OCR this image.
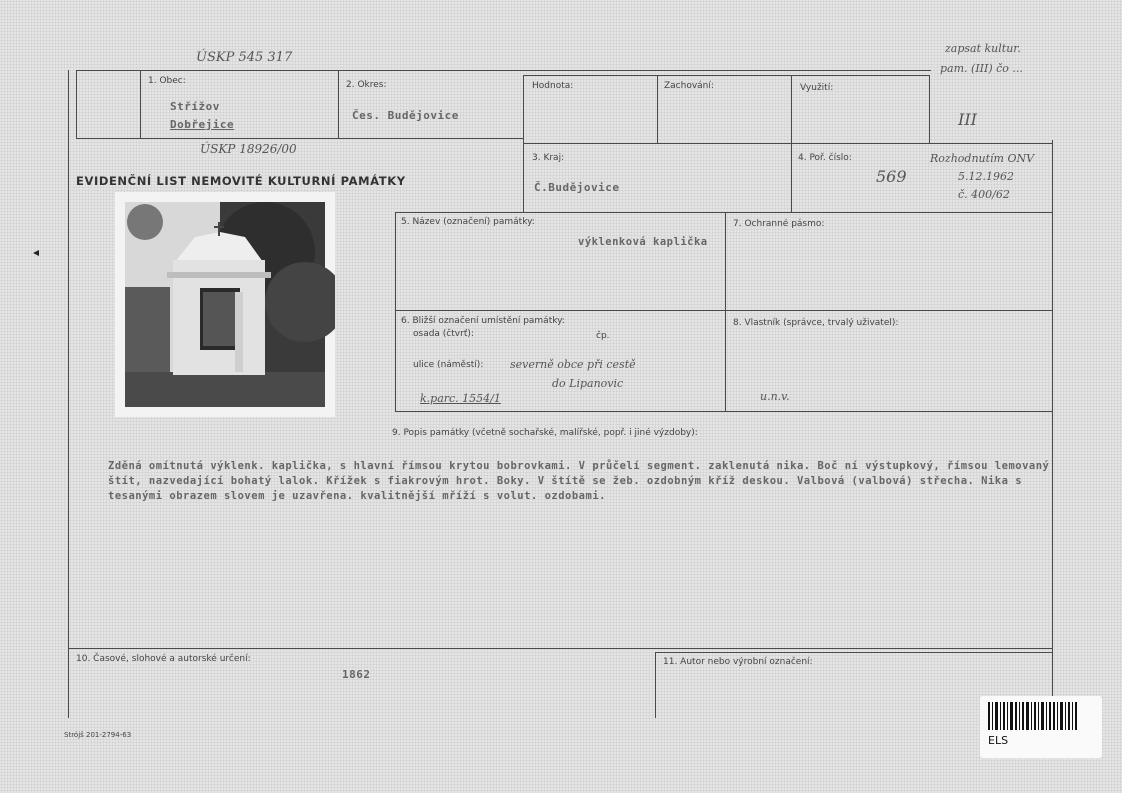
ÚSKP 545 317
1. Obec:
Střížov
Dobřejice
2. Okres:
Čes. Budějovice
Hodnota:	Zachování:	Využití:
zapsat kultur.
pam. (III) čo ...
III
ÚSKP 18926/00
EVIDENČNÍ LIST NEMOVITÉ KULTURNÍ PAMÁTKY
3. Kraj:
Č.Budějovice
4. Poř. číslo:
569
Rozhodnutím ONV
5.12.1962
č. 400/62
5. Název (označení) památky:
výklenková kaplička
7. Ochranné pásmo:
6. Bližší označení umístění památky:
osada (čtvrť):	čp.
ulice (náměstí): severně obce při cestě
do Lipanovic
k.parc. 1554/1
8. Vlastník (správce, trvalý uživatel):
u.n.v.
9. Popis památky (včetně sochařské, malířské, popř. i jiné výzdoby):
Zděná omítnutá výklenk. kaplička, s hlavní římsou krytou bobrovkami. V průčelí segment. zaklenutá nika. Boč ní výstupkový, římsou lemovaný štít, nazvedající bohatý lalok. Křížek s fiakrovým hrot. Boky. V štítě se žeb. ozdobným kříž deskou. Valbová (valbová) střecha. Nika s tesanými obrazem slovem je uzavřena. kvalitnější mříží s volut. ozdobami.
10. Časové, slohové a autorské určení:
1862
11. Autor nebo výrobní označení:
Strójš 201-2794-63	ELS
